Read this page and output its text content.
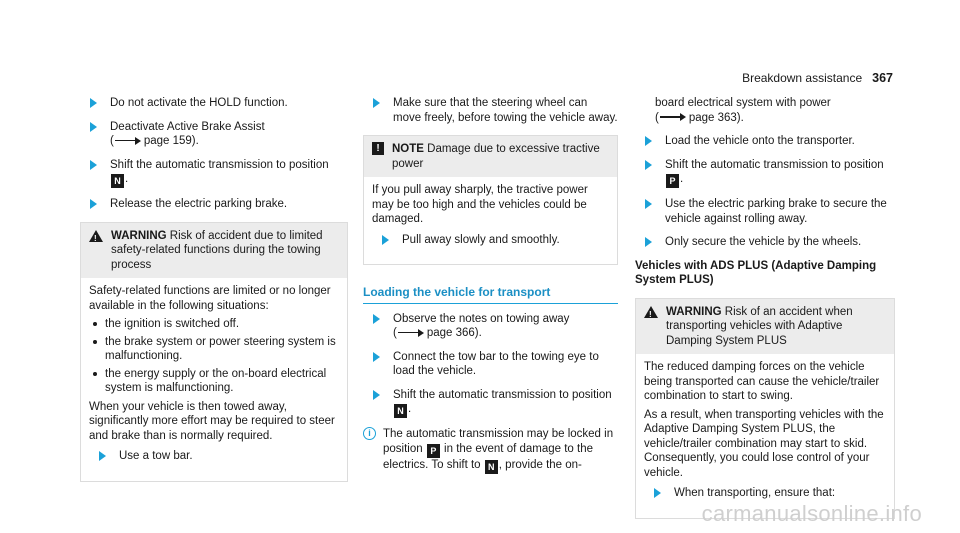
Breakdown assistance 367
Do not activate the HOLD function.
Deactivate Active Brake Assist
(	page 159).
Shift the automatic transmission to position
N .
Release the electric parking brake.
! WARNING Risk of accident due to limited safety-related functions during the towing process

Safety-related functions are limited or no longer available in the following situations:

the ignition is switched off.
the brake system or power steering system is malfunctioning.
the energy supply or the on-board electrical system is malfunctioning.

When your vehicle is then towed away, significantly more effort may be required to steer and brake than is normally required.

Use a tow bar.
Make sure that the steering wheel can move freely, before towing the vehicle away.
!	NOTE Damage due to excessive tractive power

If you pull away sharply, the tractive power may be too high and the vehicles could be damaged.

Pull away slowly and smoothly.
Loading the vehicle for transport
Observe the notes on towing away
(	page 366).
Connect the tow bar to the towing eye to load the vehicle.
Shift the automatic transmission to position
N .
i	The automatic transmission may be locked in position P in the event of damage to the electrics. To shift to N , provide the on-
board electrical system with power
(	page 363).
Load the vehicle onto the transporter.
Shift the automatic transmission to position
P .
Use the electric parking brake to secure the vehicle against rolling away.
Only secure the vehicle by the wheels.
Vehicles with ADS PLUS (Adaptive Damping System PLUS)
! WARNING Risk of an accident when transporting vehicles with Adaptive Damping System PLUS

The reduced damping forces on the vehicle being transported can cause the vehicle/trailer combination to start to swing.

As a result, when transporting vehicles with the Adaptive Damping System PLUS, the vehicle/trailer combination may start to skid. Consequently, you could lose control of your vehicle.

When transporting, ensure that:
carmanualsonline.info
